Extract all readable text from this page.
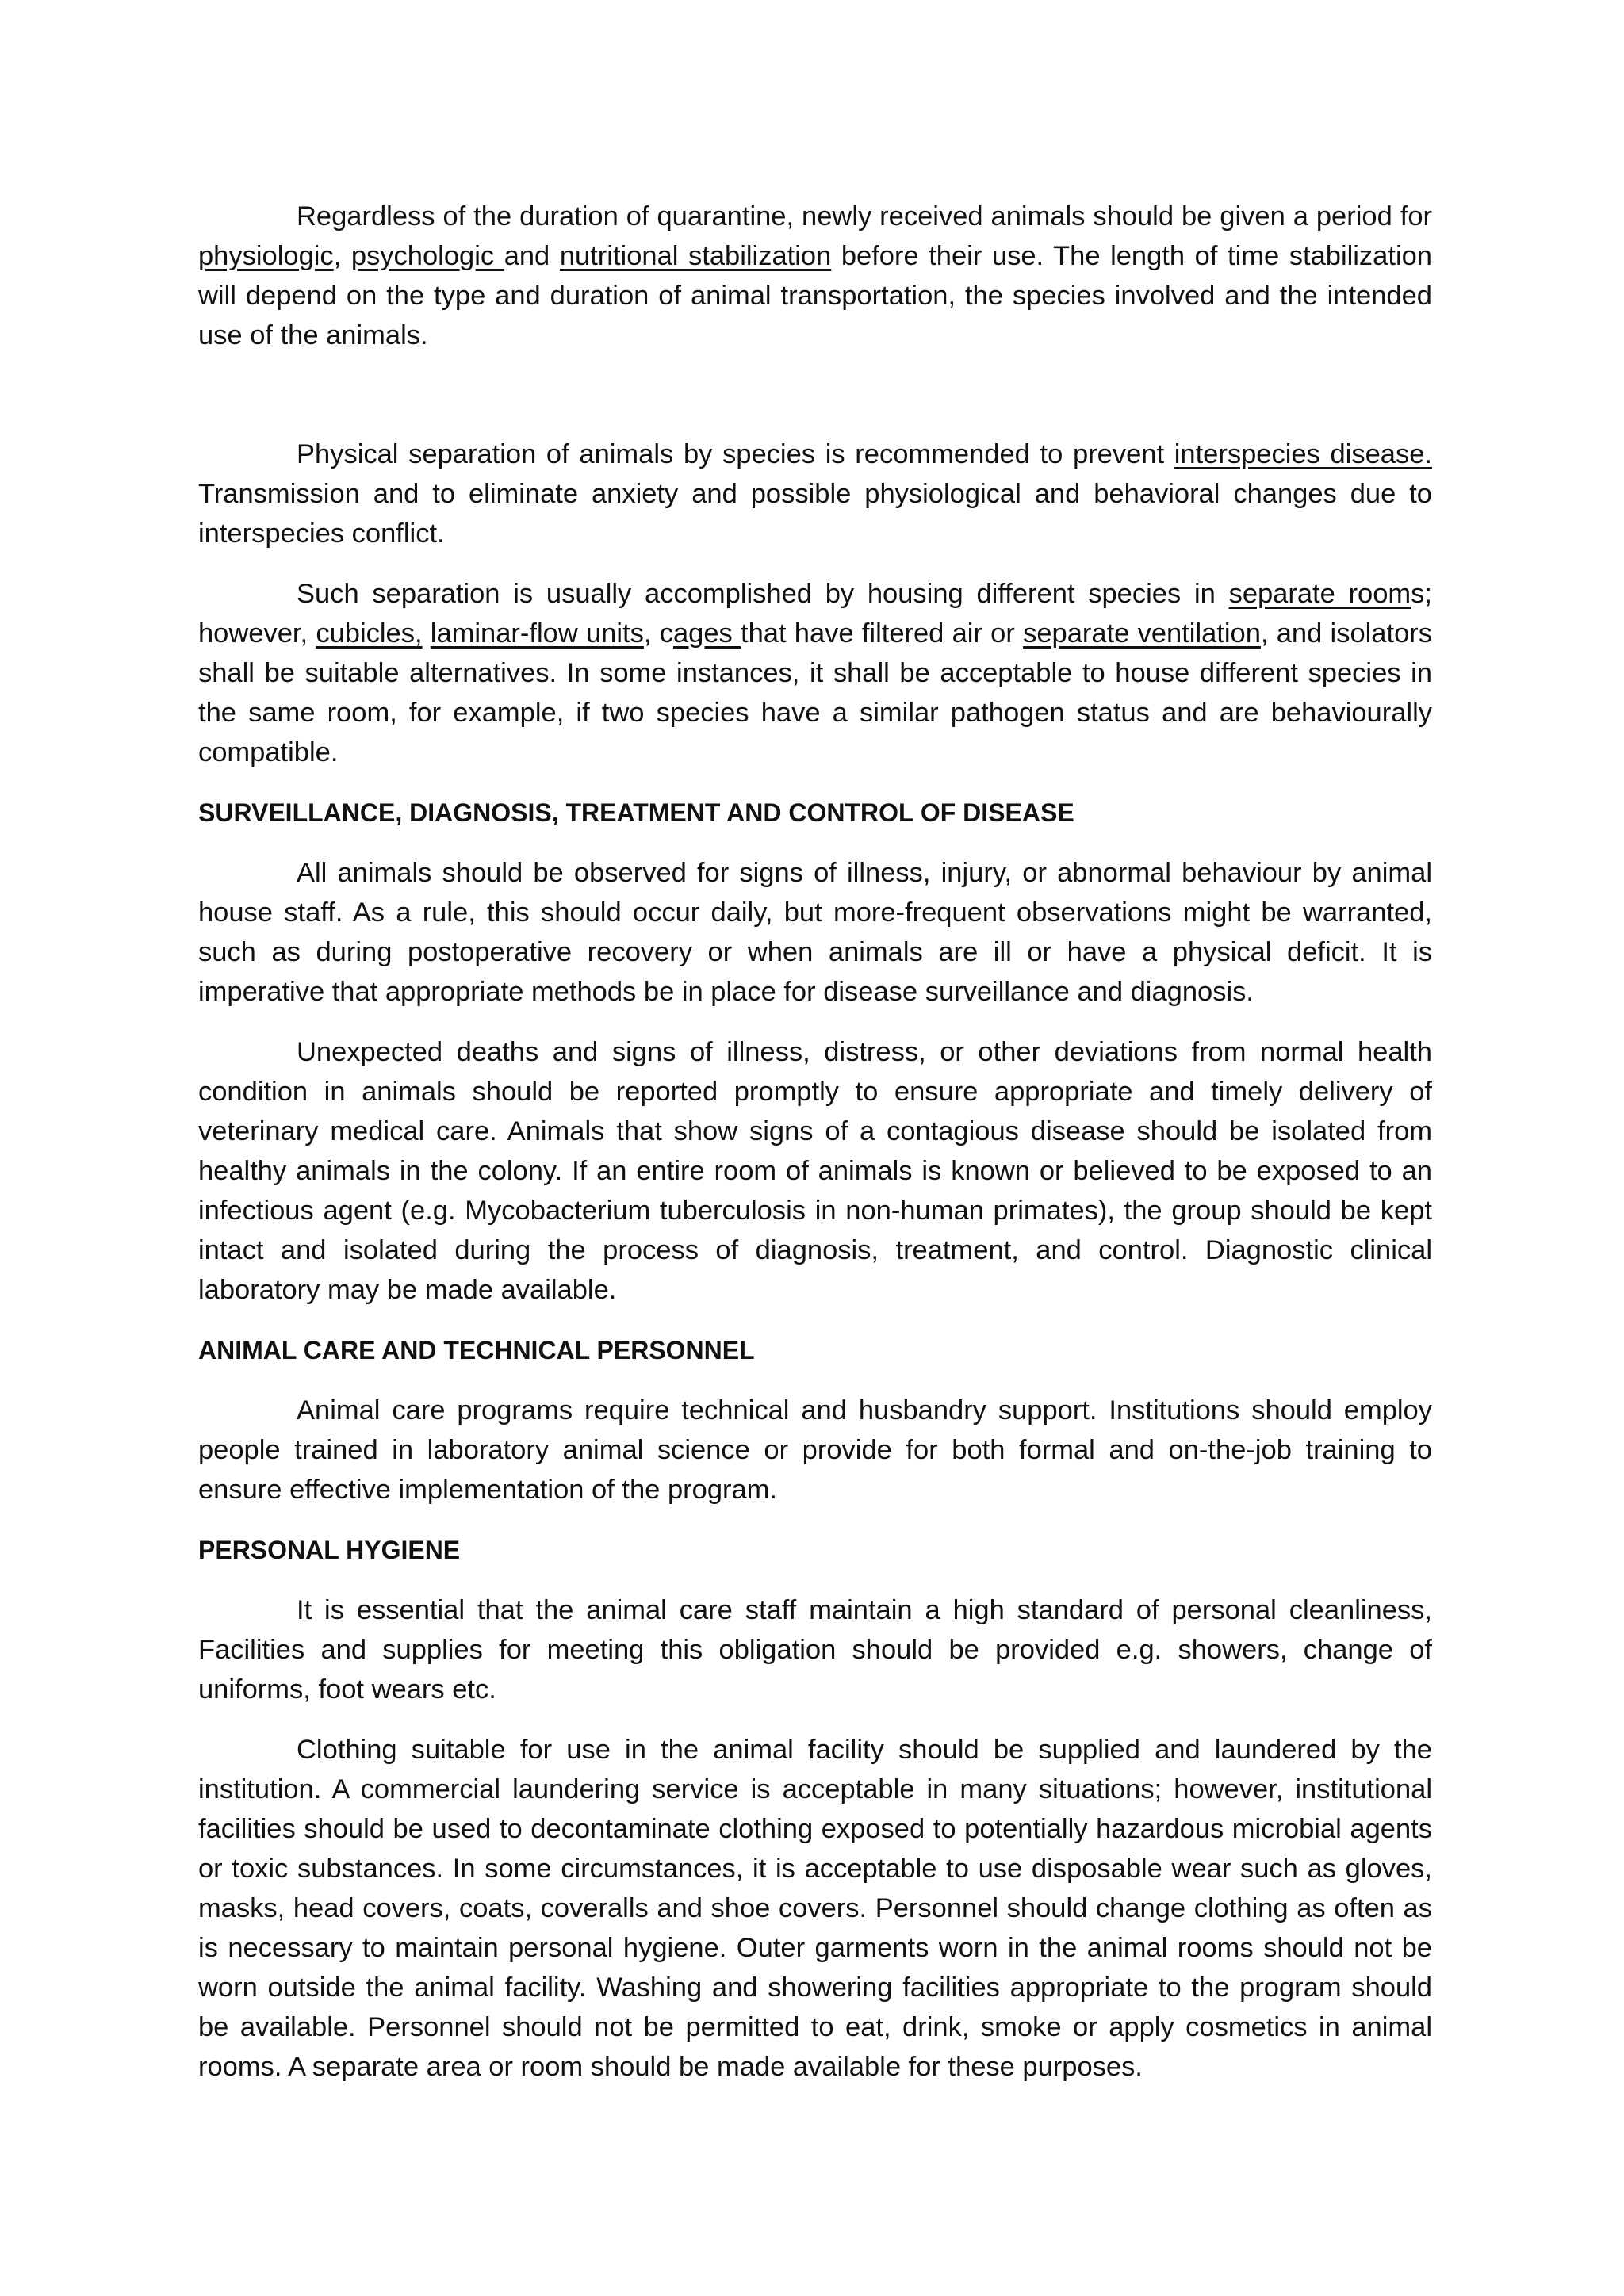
Regardless of the duration of quarantine, newly received animals should be given a period for physiologic, psychologic and nutritional stabilization before their use. The length of time stabilization will depend on the type and duration of animal transportation, the species involved and the intended use of the animals.

Physical separation of animals by species is recommended to prevent interspecies disease. Transmission and to eliminate anxiety and possible physiological and behavioral changes due to interspecies conflict.

Such separation is usually accomplished by housing different species in separate rooms; however, cubicles, laminar-flow units, cages that have filtered air or separate ventilation, and isolators shall be suitable alternatives. In some instances, it shall be acceptable to house different species in the same room, for example, if two species have a similar pathogen status and are behaviourally compatible.

SURVEILLANCE, DIAGNOSIS, TREATMENT AND CONTROL OF DISEASE

All animals should be observed for signs of illness, injury, or abnormal behaviour by animal house staff. As a rule, this should occur daily, but more-frequent observations might be warranted, such as during postoperative recovery or when animals are ill or have a physical deficit. It is imperative that appropriate methods be in place for disease surveillance and diagnosis.

Unexpected deaths and signs of illness, distress, or other deviations from normal health condition in animals should be reported promptly to ensure appropriate and timely delivery of veterinary medical care. Animals that show signs of a contagious disease should be isolated from healthy animals in the colony. If an entire room of animals is known or believed to be exposed to an infectious agent (e.g. Mycobacterium tuberculosis in non-human primates), the group should be kept intact and isolated during the process of diagnosis, treatment, and control. Diagnostic clinical laboratory may be made available.

ANIMAL CARE AND TECHNICAL PERSONNEL

Animal care programs require technical and husbandry support. Institutions should employ people trained in laboratory animal science or provide for both formal and on-the-job training to ensure effective implementation of the program.

PERSONAL HYGIENE

It is essential that the animal care staff maintain a high standard of personal cleanliness, Facilities and supplies for meeting this obligation should be provided e.g. showers, change of uniforms, foot wears etc.

Clothing suitable for use in the animal facility should be supplied and laundered by the institution. A commercial laundering service is acceptable in many situations; however, institutional facilities should be used to decontaminate clothing exposed to potentially hazardous microbial agents or toxic substances. In some circumstances, it is acceptable to use disposable wear such as gloves, masks, head covers, coats, coveralls and shoe covers. Personnel should change clothing as often as is necessary to maintain personal hygiene. Outer garments worn in the animal rooms should not be worn outside the animal facility. Washing and showering facilities appropriate to the program should be available. Personnel should not be permitted to eat, drink, smoke or apply cosmetics in animal rooms. A separate area or room should be made available for these purposes.
